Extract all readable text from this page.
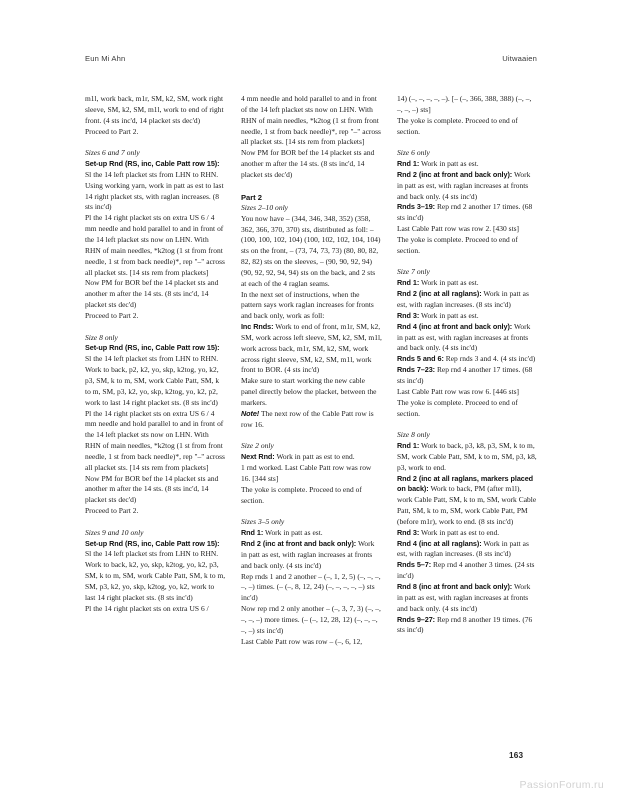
Eun Mi Ahn	Uitwaaien

m1l, work back, m1r, SM, k2, SM, work right sleeve, SM, k2, SM, m1l, work to end of right front. (4 sts inc'd, 14 placket sts dec'd)

Proceed to Part 2.

Sizes 6 and 7 only

Set-up Rnd (RS, inc, Cable Patt row 15): Sl the 14 left placket sts from LHN to RHN. Using working yarn, work in patt as est to last 14 right placket sts, with raglan increases. (8 sts inc'd)

Pl the 14 right placket sts on extra US 6 / 4 mm needle and hold parallel to and in front of the 14 left placket sts now on LHN. With RHN of main needles, *k2tog (1 st from front needle, 1 st from back needle)*, rep "–" across all placket sts. [14 sts rem from plackets]

Now PM for BOR bef the 14 placket sts and another m after the 14 sts. (8 sts inc'd, 14 placket sts dec'd)

Proceed to Part 2.

Size 8 only

Set-up Rnd (RS, inc, Cable Patt row 15): Sl the 14 left placket sts from LHN to RHN. Work to back, p2, k2, yo, skp, k2tog, yo, k2, p3, SM, k to m, SM, work Cable Patt, SM, k to m, SM, p3, k2, yo, skp, k2tog, yo, k2, p2, work to last 14 right placket sts. (8 sts inc'd)

Pl the 14 right placket sts on extra US 6 / 4 mm needle and hold parallel to and in front of the 14 left placket sts now on LHN. With RHN of main needles, *k2tog (1 st from front needle, 1 st from back needle)*, rep "–" across all placket sts. [14 sts rem from plackets]

Now PM for BOR bef the 14 placket sts and another m after the 14 sts. (8 sts inc'd, 14 placket sts dec'd)

Proceed to Part 2.

Sizes 9 and 10 only

Set-up Rnd (RS, inc, Cable Patt row 15): Sl the 14 left placket sts from LHN to RHN. Work to back, k2, yo, skp, k2tog, yo, k2, p3, SM, k to m, SM, work Cable Patt, SM, k to m, SM, p3, k2, yo, skp, k2tog, yo, k2, work to last 14 right placket sts. (8 sts inc'd)

Pl the 14 right placket sts on extra US 6 /

4 mm needle and hold parallel to and in front of the 14 left placket sts now on LHN. With RHN of main needles, *k2tog (1 st from front needle, 1 st from back needle)*, rep "–" across all placket sts. [14 sts rem from plackets]

Now PM for BOR bef the 14 placket sts and another m after the 14 sts. (8 sts inc'd, 14 placket sts dec'd)

Part 2

Sizes 2–10 only

You now have – (344, 346, 348, 352) (358, 362, 366, 370, 370) sts, distributed as foll: – (100, 100, 102, 104) (100, 102, 102, 104, 104) sts on the front, – (73, 74, 73, 73) (80, 80, 82, 82, 82) sts on the sleeves, – (90, 90, 92, 94) (90, 92, 92, 94, 94) sts on the back, and 2 sts at each of the 4 raglan seams.

In the next set of instructions, when the pattern says work raglan increases for fronts and back only, work as foll:

Inc Rnds: Work to end of front, m1r, SM, k2, SM, work across left sleeve, SM, k2, SM, m1l, work across back, m1r, SM, k2, SM, work across right sleeve, SM, k2, SM, m1l, work front to BOR. (4 sts inc'd)

Make sure to start working the new cable panel directly below the placket, between the markers.

Note! The next row of the Cable Patt row is row 16.

Size 2 only

Next Rnd: Work in patt as est to end.

1 rnd worked. Last Cable Patt row was row 16. [344 sts]

The yoke is complete. Proceed to end of section.

Sizes 3–5 only

Rnd 1: Work in patt as est.

Rnd 2 (inc at front and back only): Work in patt as est, with raglan increases at fronts and back only. (4 sts inc'd)

Rep rnds 1 and 2 another – (–, 1, 2, 5) (–, –, –, –, –) times. (– (–, 8, 12, 24) (–, –, –, –, –) sts inc'd)

Now rep rnd 2 only another – (–, 3, 7, 3) (–, –, –, –, –) more times. (– (–, 12, 28, 12) (–, –, –, –, –) sts inc'd)

Last Cable Patt row was row – (–, 6, 12,

14) (–, –, –, –, –). [– (–, 366, 388, 388) (–, –, –, –, –) sts]

The yoke is complete. Proceed to end of section.

Size 6 only

Rnd 1: Work in patt as est.

Rnd 2 (inc at front and back only): Work in patt as est, with raglan increases at fronts and back only. (4 sts inc'd)

Rnds 3–19: Rep rnd 2 another 17 times. (68 sts inc'd)

Last Cable Patt row was row 2. [430 sts]

The yoke is complete. Proceed to end of section.

Size 7 only

Rnd 1: Work in patt as est.

Rnd 2 (inc at all raglans): Work in patt as est, with raglan increases. (8 sts inc'd)

Rnd 3: Work in patt as est.

Rnd 4 (inc at front and back only): Work in patt as est, with raglan increases at fronts and back only. (4 sts inc'd)

Rnds 5 and 6: Rep rnds 3 and 4. (4 sts inc'd)

Rnds 7–23: Rep rnd 4 another 17 times. (68 sts inc'd)

Last Cable Patt row was row 6. [446 sts]

The yoke is complete. Proceed to end of section.

Size 8 only

Rnd 1: Work to back, p3, k8, p3, SM, k to m, SM, work Cable Patt, SM, k to m, SM, p3, k8, p3, work to end.

Rnd 2 (inc at all raglans, markers placed on back): Work to back, PM (after m1l), work Cable Patt, SM, k to m, SM, work Cable Patt, SM, k to m, SM, work Cable Patt, PM (before m1r), work to end. (8 sts inc'd)

Rnd 3: Work in patt as est to end.

Rnd 4 (inc at all raglans): Work in patt as est, with raglan increases. (8 sts inc'd)

Rnds 5–7: Rep rnd 4 another 3 times. (24 sts inc'd)

Rnd 8 (inc at front and back only): Work in patt as est, with raglan increases at fronts and back only. (4 sts inc'd)

Rnds 9–27: Rep rnd 8 another 19 times. (76 sts inc'd)

163
PassionForum.ru
